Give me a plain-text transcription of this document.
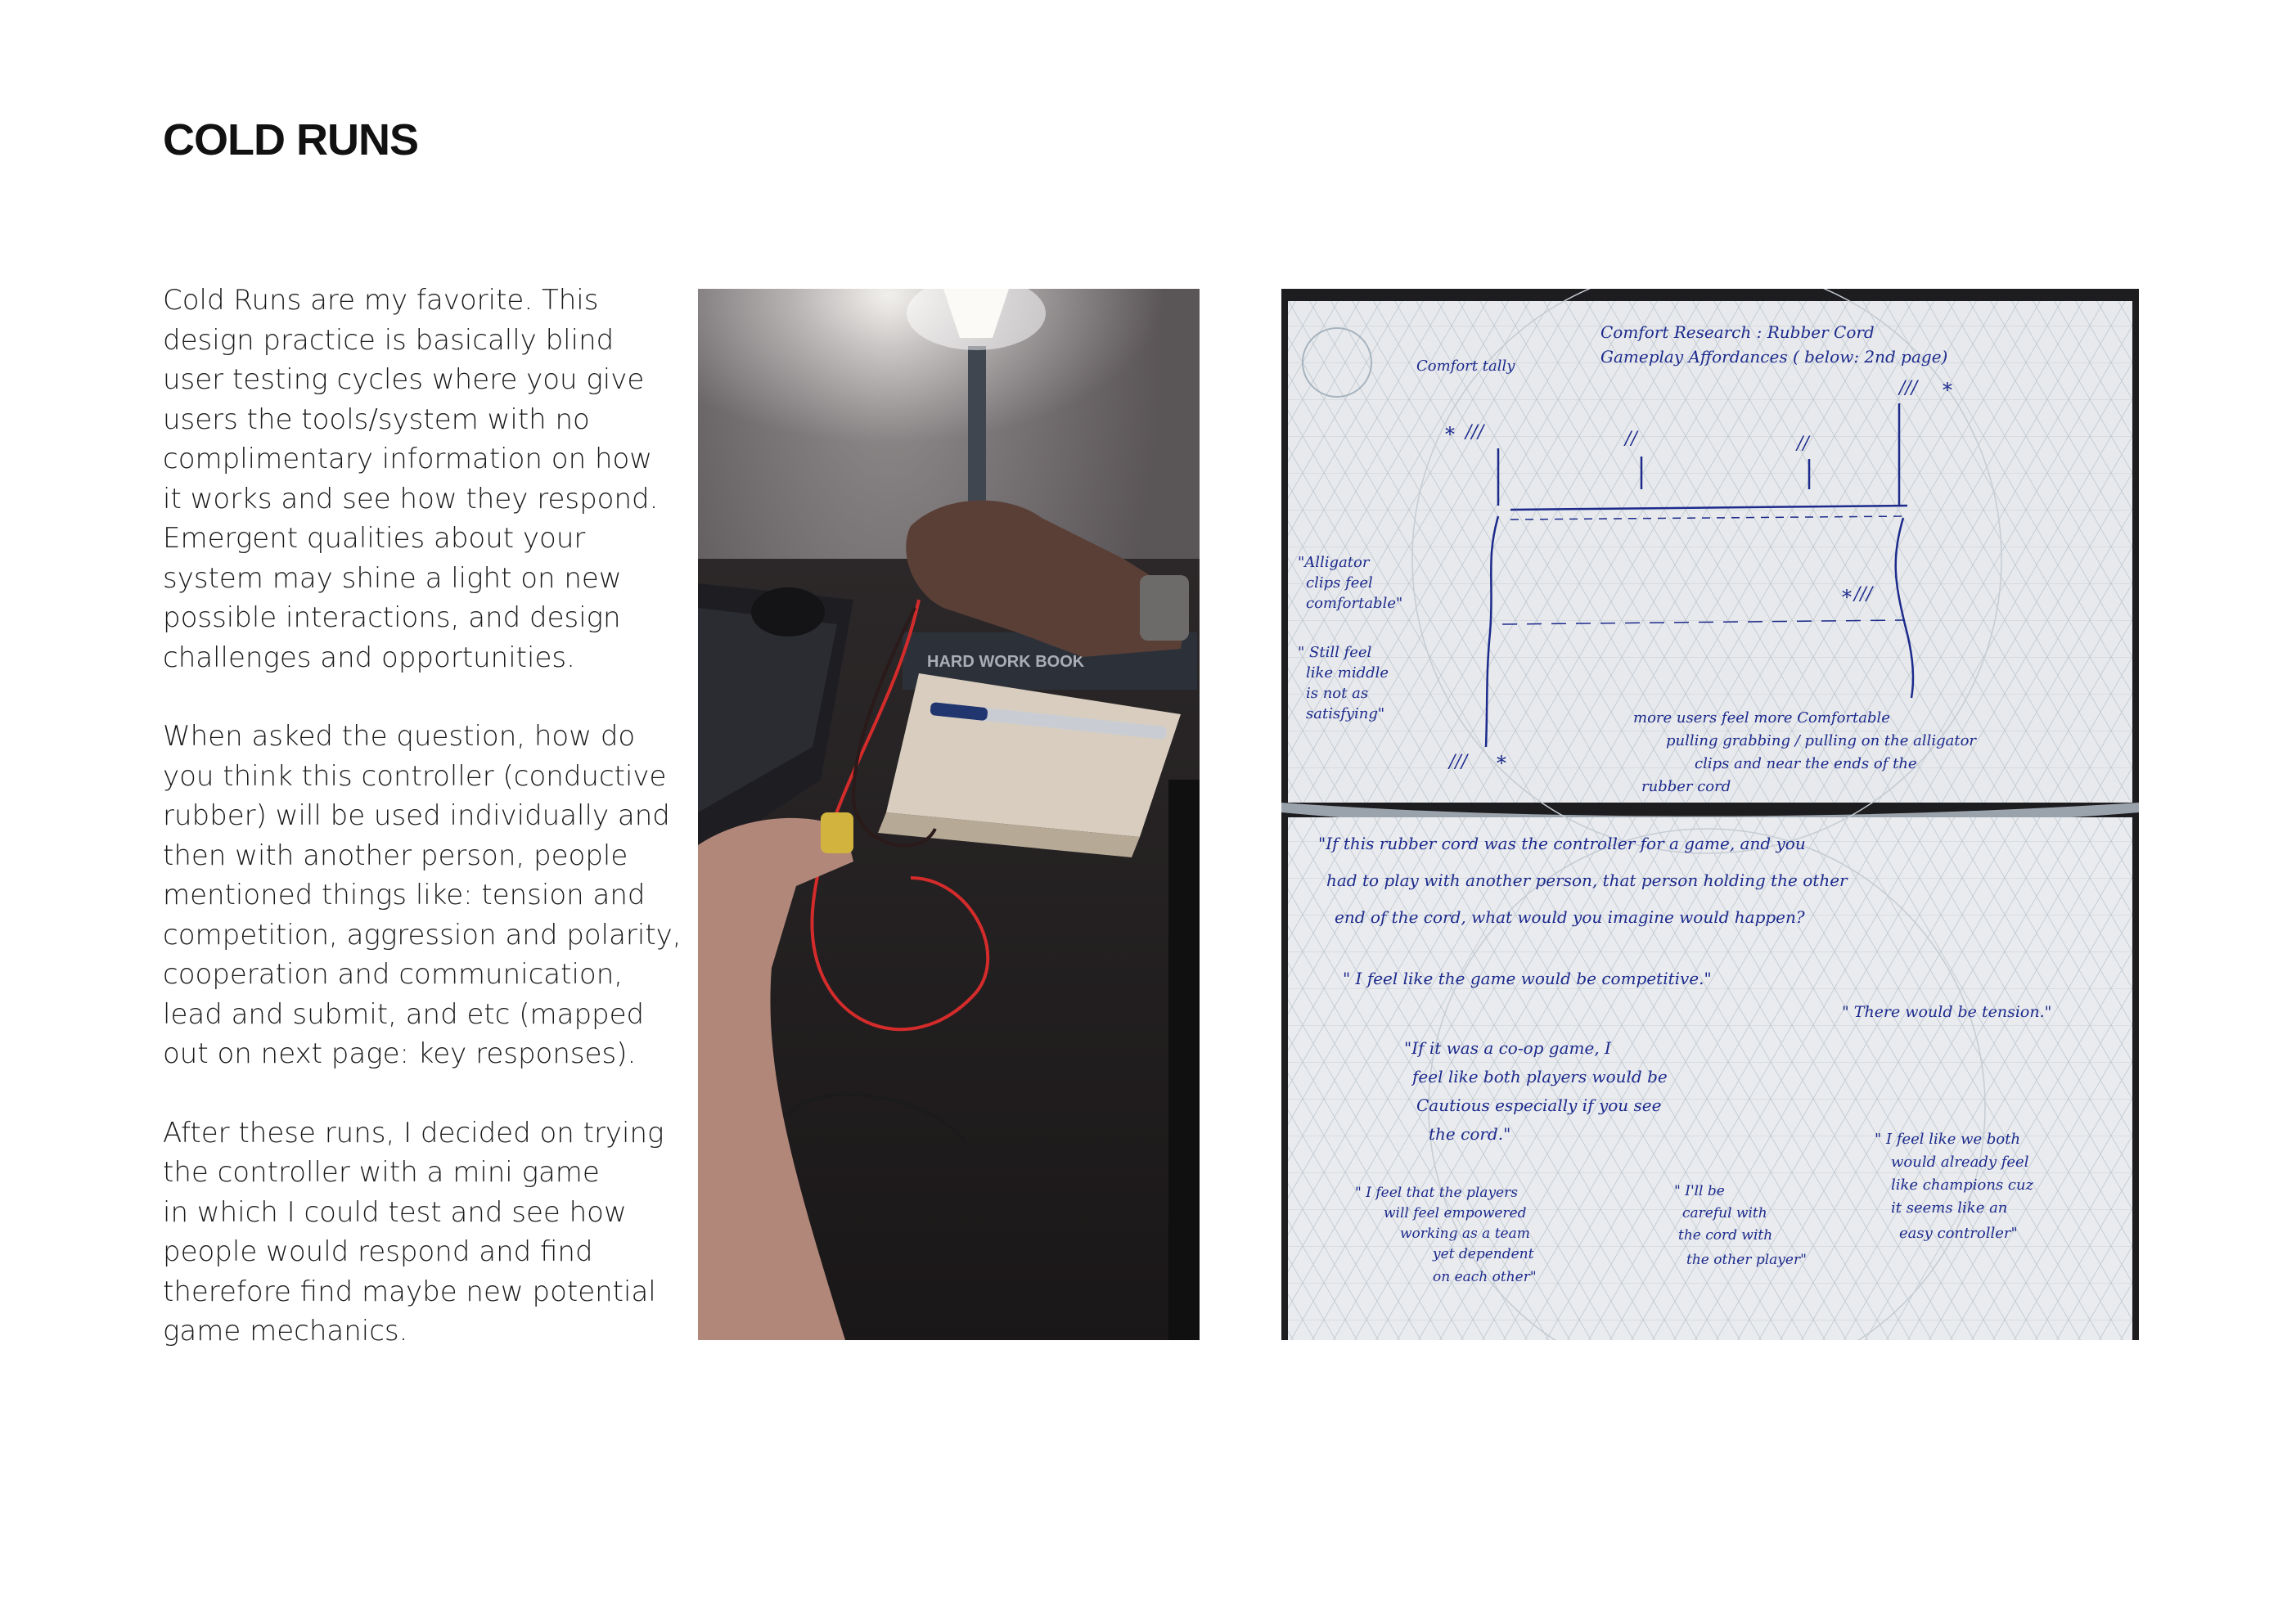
COLD RUNS

Cold Runs are my favorite. This
design practice is basically blind
user testing cycles where you give
users the tools/system with no
complimentary information on how
it works and see how they respond.
Emergent qualities about your
system may shine a light on new
possible interactions, and design
challenges and opportunities.

When asked the question, how do
you think this controller (conductive
rubber) will be used individually and
then with another person, people
mentioned things like: tension and
competition, aggression and polarity,
cooperation and communication,
lead and submit, and etc (mapped
out on next page: key responses).

After these runs, I decided on trying
the controller with a mini game
in which I could test and see how
people would respond and find
therefore find maybe new potential
game mechanics.

HARD WORK BOOK
Comfort Research : Rubber Cord
Gameplay Affordances ( below: 2nd page)
Comfort tally
///
*	//	//
/// *
///
*
/// *
"Alligator
clips feel
comfortable"
" Still feel
like middle
is not as
satisfying"	more users feel more Comfortable
pulling grabbing / pulling on the alligator
clips and near the ends of the
rubber cord
"If this rubber cord was the controller for a game, and you
had to play with another person, that person holding the other
end of the cord, what would you imagine would happen?
" I feel like the game would be competitive."
" There would be tension."
"If it was a co-op game, I
feel like both players would be
Cautious especially if you see
the cord."	" I feel like we both
would already feel
like champions cuz
it seems like an
easy controller"
" I feel that the players
will feel empowered
working as a team
yet dependent
on each other"
" I'll be
careful with
the cord with
the other player"
